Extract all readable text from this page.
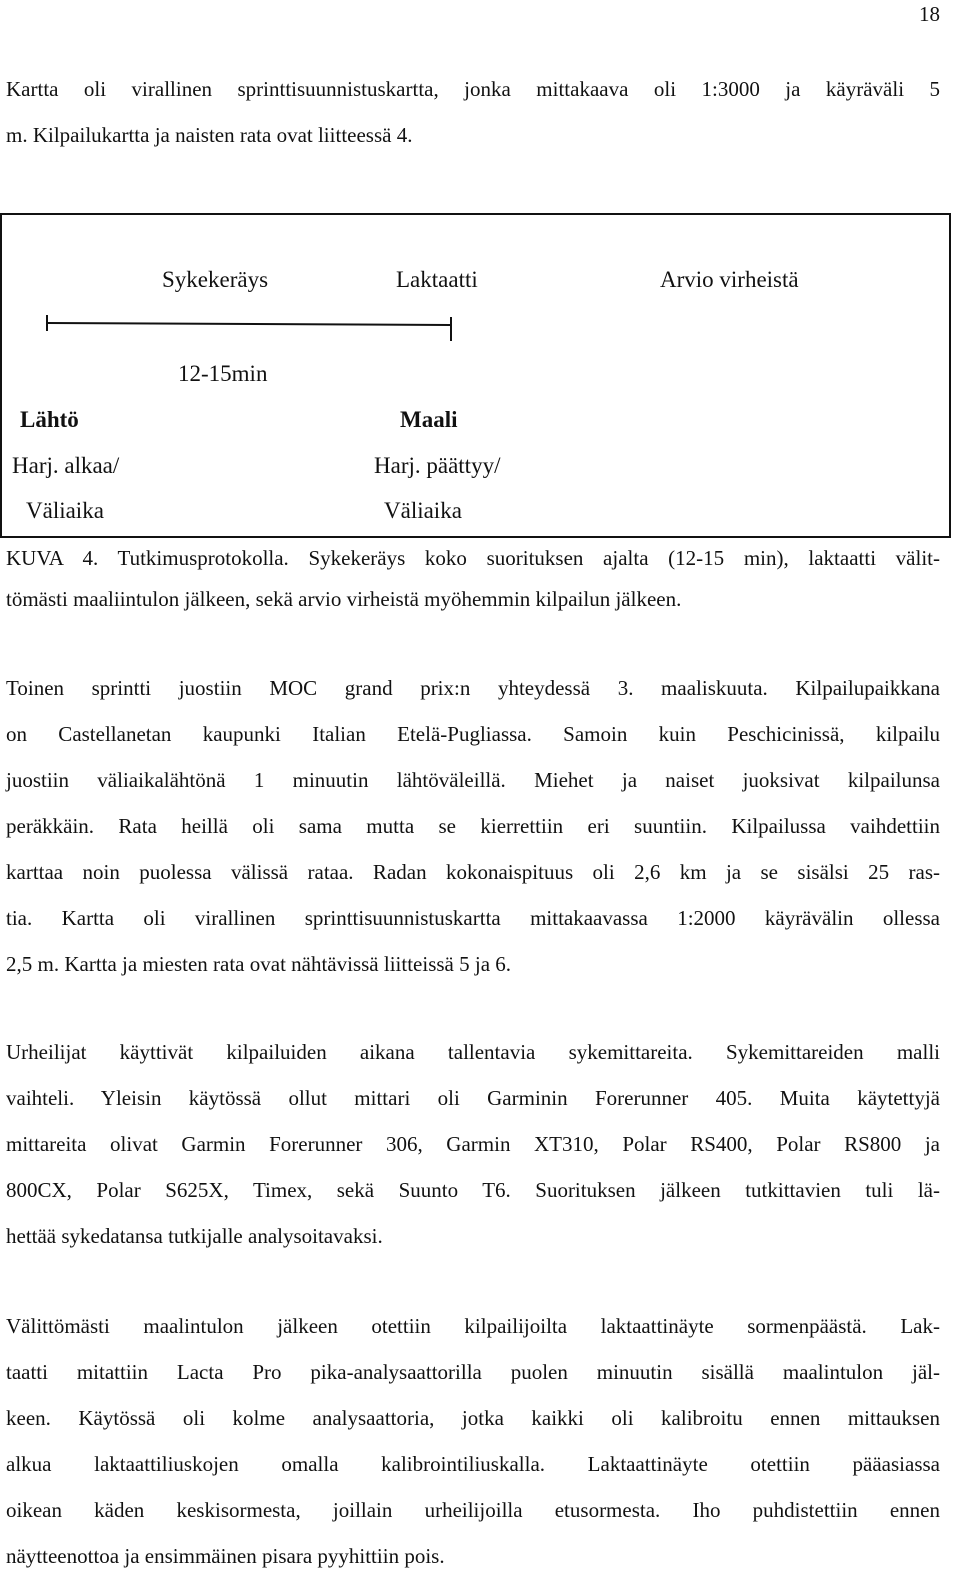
18

Kartta oli virallinen sprinttisuunnistuskartta, jonka mittakaava oli 1:3000 ja käyräväli 5
m. Kilpailukartta ja naisten rata ovat liitteessä 4.

Sykekeräys	Laktaatti	Arvio virheistä
12-15min
Lähtö
Harj. alkaa/
Väliaika
Maali
Harj. päättyy/
Väliaika

KUVA 4. Tutkimusprotokolla. Sykekeräys koko suorituksen ajalta (12-15 min), laktaatti välit-
tömästi maaliintulon jälkeen, sekä arvio virheistä myöhemmin kilpailun jälkeen.

Toinen sprintti juostiin MOC grand prix:n yhteydessä 3. maaliskuuta. Kilpailupaikkana
on Castellanetan kaupunki Italian Etelä-Pugliassa. Samoin kuin Peschicinissä, kilpailu
juostiin väliaikalähtönä 1 minuutin lähtöväleillä. Miehet ja naiset juoksivat kilpailunsa
peräkkäin. Rata heillä oli sama mutta se kierrettiin eri suuntiin. Kilpailussa vaihdettiin
karttaa noin puolessa välissä rataa. Radan kokonaispituus oli 2,6 km ja se sisälsi 25 ras-
tia. Kartta oli virallinen sprinttisuunnistuskartta mittakaavassa 1:2000 käyrävälin ollessa
2,5 m. Kartta ja miesten rata ovat nähtävissä liitteissä 5 ja 6.

Urheilijat käyttivät kilpailuiden aikana tallentavia sykemittareita. Sykemittareiden malli
vaihteli. Yleisin käytössä ollut mittari oli Garminin Forerunner 405. Muita käytettyjä
mittareita olivat Garmin Forerunner 306, Garmin XT310, Polar RS400, Polar RS800 ja
800CX, Polar S625X, Timex, sekä Suunto T6. Suorituksen jälkeen tutkittavien tuli lä-
hettää sykedatansa tutkijalle analysoitavaksi.

Välittömästi maalintulon jälkeen otettiin kilpailijoilta laktaattinäyte sormenpäästä. Lak-
taatti mitattiin Lacta Pro pika-analysaattorilla puolen minuutin sisällä maalintulon jäl-
keen. Käytössä oli kolme analysaattoria, jotka kaikki oli kalibroitu ennen mittauksen
alkua laktaattiliuskojen omalla kalibrointiliuskalla. Laktaattinäyte otettiin pääasiassa
oikean käden keskisormesta, joillain urheilijoilla etusormesta. Iho puhdistettiin ennen
näytteenottoa ja ensimmäinen pisara pyyhittiin pois.
